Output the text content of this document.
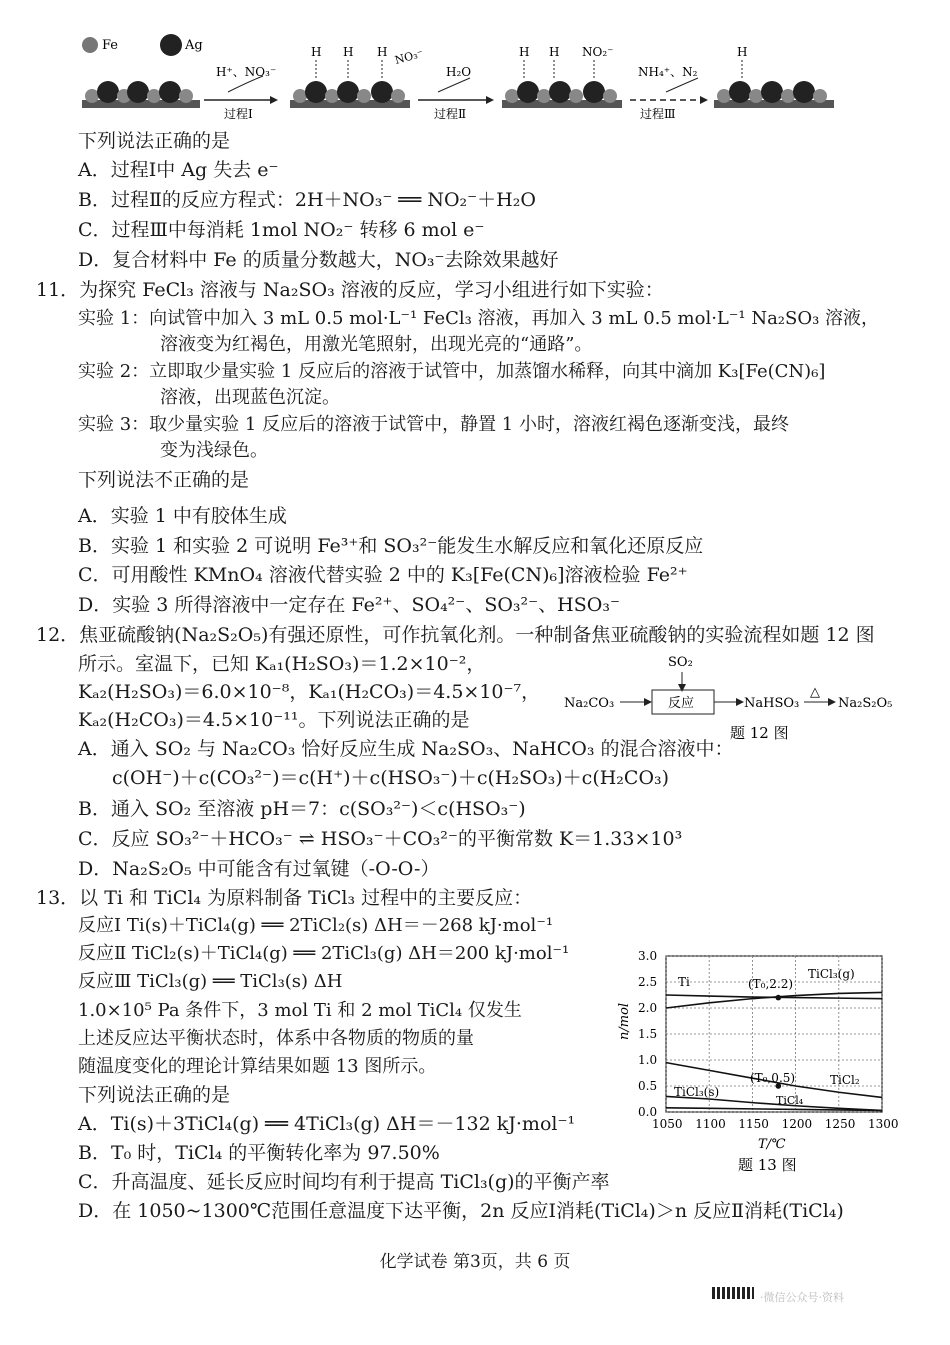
Fe	Ag
H⁺、NO₃⁻
过程Ⅰ
H H H NO₃⁻
H₂O
过程Ⅱ
H H NO₂⁻
NH₄⁺、N₂
过程Ⅲ
H
下列说法正确的是
A．过程Ⅰ中 Ag 失去 e⁻
B．过程Ⅱ的反应方程式：2H＋NO₃⁻ ══ NO₂⁻＋H₂O
C．过程Ⅲ中每消耗 1mol NO₂⁻ 转移 6 mol e⁻
D．复合材料中 Fe 的质量分数越大，NO₃⁻去除效果越好
11．为探究 FeCl₃ 溶液与 Na₂SO₃ 溶液的反应，学习小组进行如下实验：
实验 1：向试管中加入 3 mL 0.5 mol·L⁻¹ FeCl₃ 溶液，再加入 3 mL 0.5 mol·L⁻¹ Na₂SO₃ 溶液，
溶液变为红褐色，用激光笔照射，出现光亮的“通路”。
实验 2：立即取少量实验 1 反应后的溶液于试管中，加蒸馏水稀释，向其中滴加 K₃[Fe(CN)₆]
溶液，出现蓝色沉淀。
实验 3：取少量实验 1 反应后的溶液于试管中，静置 1 小时，溶液红褐色逐渐变浅，最终
变为浅绿色。
下列说法不正确的是
A．实验 1 中有胶体生成
B．实验 1 和实验 2 可说明 Fe³⁺和 SO₃²⁻能发生水解反应和氧化还原反应
C．可用酸性 KMnO₄ 溶液代替实验 2 中的 K₃[Fe(CN)₆]溶液检验 Fe²⁺
D．实验 3 所得溶液中一定存在 Fe²⁺、SO₄²⁻、SO₃²⁻、HSO₃⁻
12．焦亚硫酸钠(Na₂S₂O₅)有强还原性，可作抗氧化剂。一种制备焦亚硫酸钠的实验流程如题 12 图
所示。室温下，已知 Kₐ₁(H₂SO₃)＝1.2×10⁻²，
Kₐ₂(H₂SO₃)＝6.0×10⁻⁸，Kₐ₁(H₂CO₃)＝4.5×10⁻⁷，
Kₐ₂(H₂CO₃)＝4.5×10⁻¹¹。下列说法正确的是
SO₂
Na₂CO₃	反应	NaHSO₃
△
Na₂S₂O₅
题 12 图
A．通入 SO₂ 与 Na₂CO₃ 恰好反应生成 Na₂SO₃、NaHCO₃ 的混合溶液中：
c(OH⁻)＋c(CO₃²⁻)＝c(H⁺)＋c(HSO₃⁻)＋c(H₂SO₃)＋c(H₂CO₃)
B．通入 SO₂ 至溶液 pH＝7：c(SO₃²⁻)＜c(HSO₃⁻)
C．反应 SO₃²⁻＋HCO₃⁻ ⇌ HSO₃⁻＋CO₃²⁻的平衡常数 K＝1.33×10³
D．Na₂S₂O₅ 中可能含有过氧键（-O-O-）
13．以 Ti 和 TiCl₄ 为原料制备 TiCl₃ 过程中的主要反应：
反应Ⅰ Ti(s)＋TiCl₄(g) ══ 2TiCl₂(s) ΔH＝－268 kJ·mol⁻¹
反应Ⅱ TiCl₂(s)＋TiCl₄(g) ══ 2TiCl₃(g) ΔH＝200 kJ·mol⁻¹
反应Ⅲ TiCl₃(g) ══ TiCl₃(s) ΔH
1.0×10⁵ Pa 条件下，3 mol Ti 和 2 mol TiCl₄ 仅发生
上述反应达平衡状态时，体系中各物质的物质的量
随温度变化的理论计算结果如题 13 图所示。
下列说法正确的是
A．Ti(s)＋3TiCl₄(g) ══ 4TiCl₃(g) ΔH＝－132 kJ·mol⁻¹
B．T₀ 时，TiCl₄ 的平衡转化率为 97.50%
C．升高温度、延长反应时间均有利于提高 TiCl₃(g)的平衡产率
D．在 1050~1300℃范围任意温度下达平衡，2n 反应Ⅰ消耗(TiCl₄)＞n 反应Ⅱ消耗(TiCl₄)
1050 1100 1150 1200 1250 1300
0.0
0.5
1.0
1.5
2.0
2.5
3.0
n/mol
T/℃
题 13 图
Ti
TiCl₃(g)
TiCl₂
TiCl₃(s)
TiCl₄
(T₀,2.2)
(T₀,0.5)
化学试卷 第3页，共 6 页
·微信公众号·资料
